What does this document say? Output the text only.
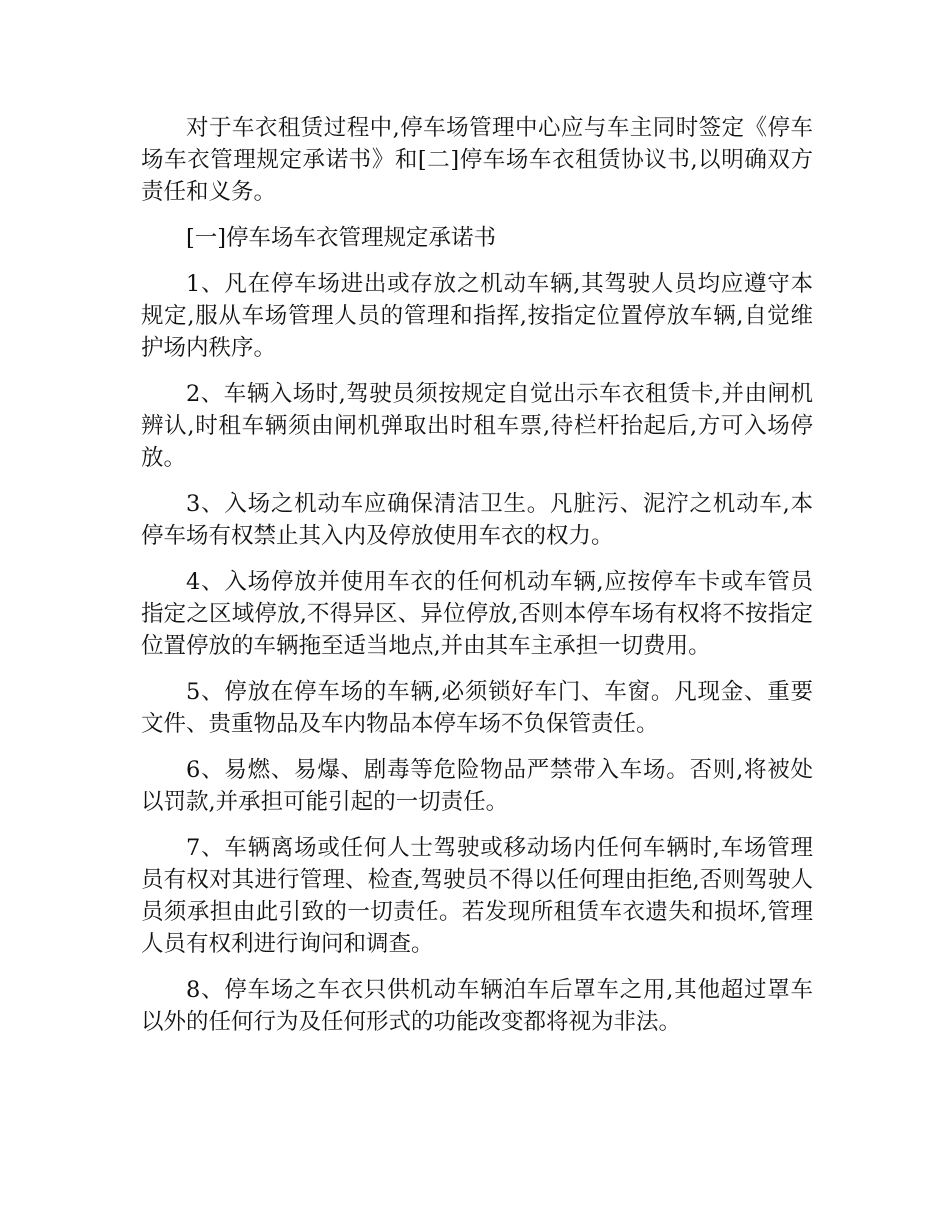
对于车衣租赁过程中,停车场管理中心应与车主同时签定《停车场车衣管理规定承诺书》和[二]停车场车衣租赁协议书,以明确双方责任和义务。

[一]停车场车衣管理规定承诺书

1、凡在停车场进出或存放之机动车辆,其驾驶人员均应遵守本规定,服从车场管理人员的管理和指挥,按指定位置停放车辆,自觉维护场内秩序。

2、车辆入场时,驾驶员须按规定自觉出示车衣租赁卡,并由闸机辨认,时租车辆须由闸机弹取出时租车票,待栏杆抬起后,方可入场停放。

3、入场之机动车应确保清洁卫生。凡脏污、泥泞之机动车,本停车场有权禁止其入内及停放使用车衣的权力。

4、入场停放并使用车衣的任何机动车辆,应按停车卡或车管员指定之区域停放,不得异区、异位停放,否则本停车场有权将不按指定位置停放的车辆拖至适当地点,并由其车主承担一切费用。

5、停放在停车场的车辆,必须锁好车门、车窗。凡现金、重要文件、贵重物品及车内物品本停车场不负保管责任。

6、易燃、易爆、剧毒等危险物品严禁带入车场。否则,将被处以罚款,并承担可能引起的一切责任。

7、车辆离场或任何人士驾驶或移动场内任何车辆时,车场管理员有权对其进行管理、检查,驾驶员不得以任何理由拒绝,否则驾驶人员须承担由此引致的一切责任。若发现所租赁车衣遗失和损坏,管理人员有权利进行询问和调查。

8、停车场之车衣只供机动车辆泊车后罩车之用,其他超过罩车以外的任何行为及任何形式的功能改变都将视为非法。
